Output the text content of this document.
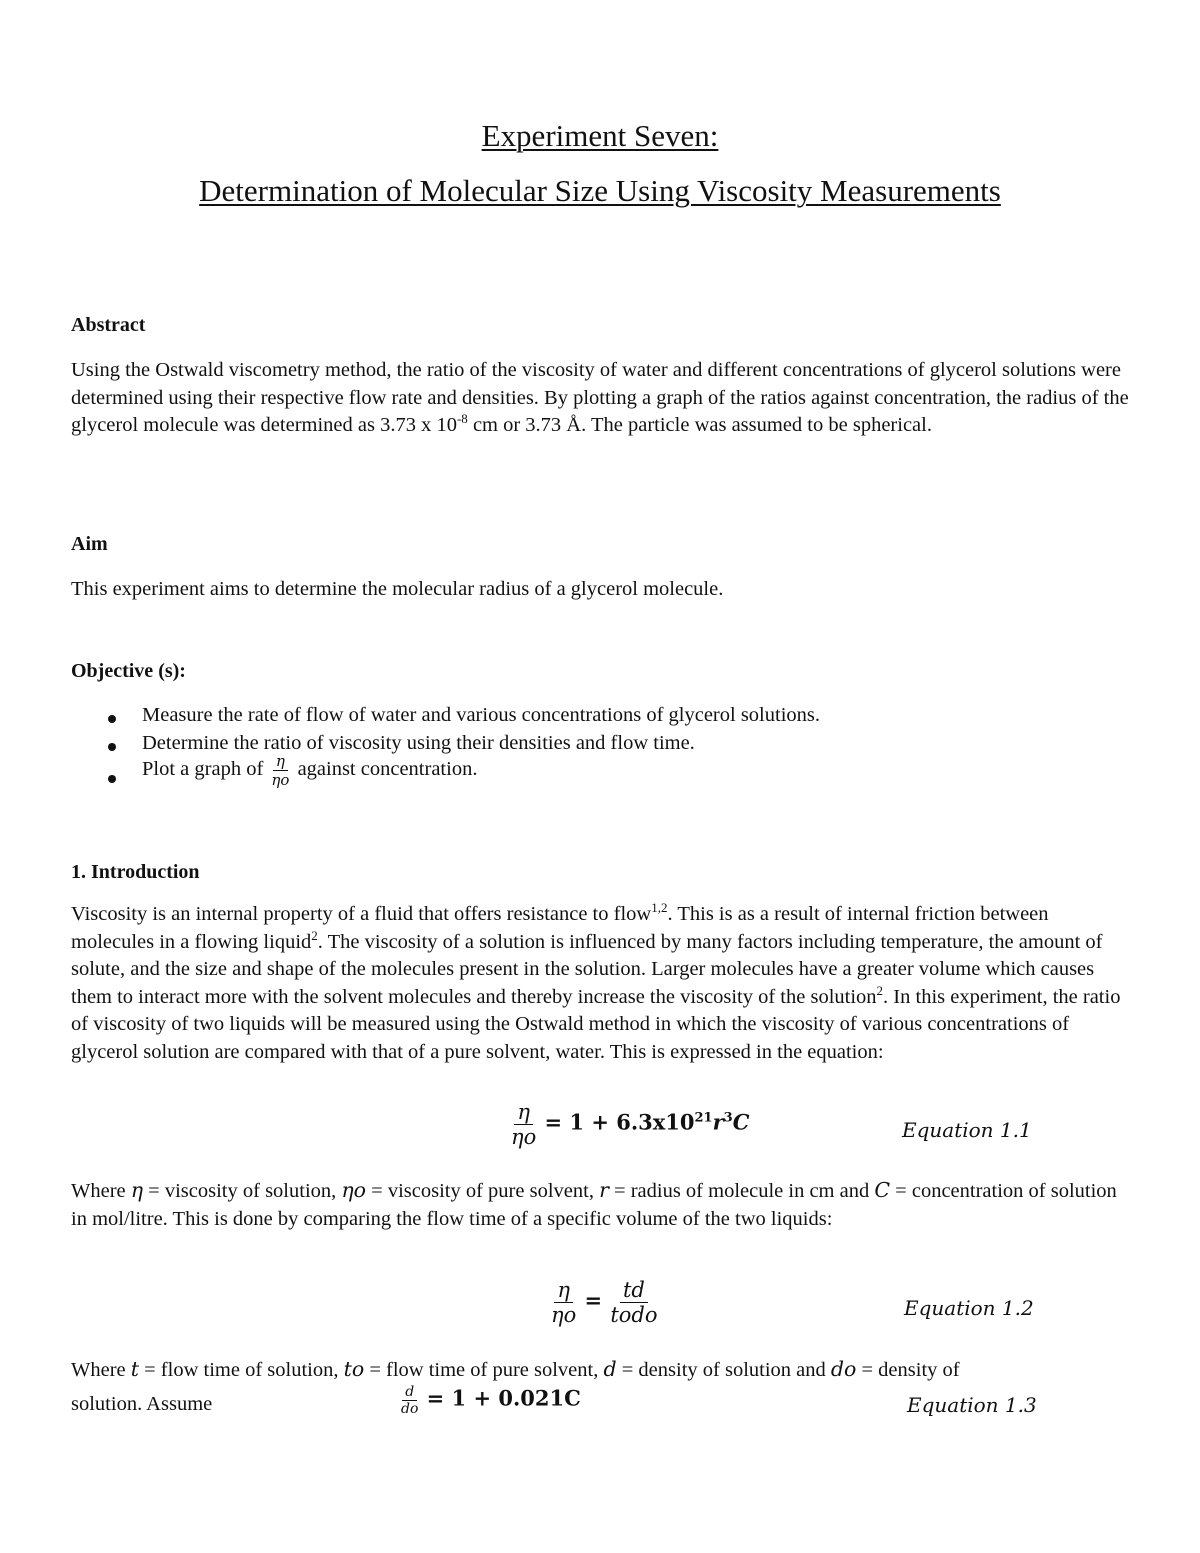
Experiment Seven:
Determination of Molecular Size Using Viscosity Measurements
Abstract

Using the Ostwald viscometry method, the ratio of the viscosity of water and different concentrations of glycerol solutions were determined using their respective flow rate and densities. By plotting a graph of the ratios against concentration, the radius of the glycerol molecule was determined as 3.73 x $10^{-8}$ cm or 3.73 Å. The particle was assumed to be spherical.

Aim

This experiment aims to determine the molecular radius of a glycerol molecule.

Objective (s):
Measure the rate of flow of water and various concentrations of glycerol solutions.
Determine the ratio of viscosity using their densities and flow time.
Plot a graph of $\frac{\eta}{\eta o}$ against concentration.
1. Introduction

Viscosity is an internal property of a fluid that offers resistance to flow$^{1,2}$. This is as a result of internal friction between molecules in a flowing liquid$^2$. The viscosity of a solution is influenced by many factors including temperature, the amount of solute, and the size and shape of the molecules present in the solution. Larger molecules have a greater volume which causes them to interact more with the solvent molecules and thereby increase the viscosity of the solution$^2$. In this experiment, the ratio of viscosity of two liquids will be measured using the Ostwald method in which the viscosity of various concentrations of glycerol solution are compared with that of a pure solvent, water. This is expressed in the equation:

$\frac{\eta}{\eta o} = 1 + 6.3x10^{21}r^3C$	Equation 1.1

Where η = viscosity of solution, ηo = viscosity of pure solvent, r = radius of molecule in cm and C = concentration of solution in mol/litre. This is done by comparing the flow time of a specific volume of the two liquids:

$\frac{\eta}{\eta o} = \frac{td}{\text{todo}}$	Equation 1.2

Where t = flow time of solution, to = flow time of pure solvent, d = density of solution and do = density of

solution. Assume	$\frac{d}{do} = 1 + 0.021C$	Equation 1.3
